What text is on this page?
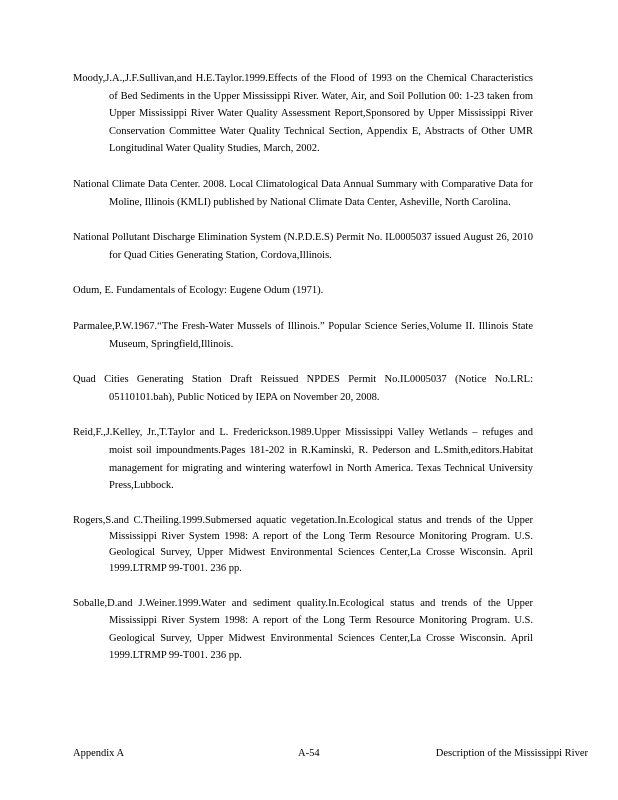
Moody,J.A.,J.F.Sullivan,and H.E.Taylor.1999.Effects of the Flood of 1993 on the Chemical Characteristics of Bed Sediments in the Upper Mississippi River. Water, Air, and Soil Pollution 00: 1-23 taken from Upper Mississippi River Water Quality Assessment Report,Sponsored by Upper Mississippi River Conservation Committee Water Quality Technical Section, Appendix E, Abstracts of Other UMR Longitudinal Water Quality Studies, March, 2002.

National Climate Data Center. 2008. Local Climatological Data Annual Summary with Comparative Data for Moline, Illinois (KMLI) published by National Climate Data Center, Asheville, North Carolina.

National Pollutant Discharge Elimination System (N.P.D.E.S) Permit No. IL0005037 issued August 26, 2010 for Quad Cities Generating Station, Cordova,Illinois.

Odum, E. Fundamentals of Ecology: Eugene Odum (1971).

Parmalee,P.W.1967.“The Fresh-Water Mussels of Illinois.” Popular Science Series,Volume II. Illinois State Museum, Springfield,Illinois.

Quad Cities Generating Station Draft Reissued NPDES Permit No.IL0005037 (Notice No.LRL: 05110101.bah), Public Noticed by IEPA on November 20, 2008.

Reid,F.,J.Kelley, Jr.,T.Taylor and L. Frederickson.1989.Upper Mississippi Valley Wetlands – refuges and moist soil impoundments.Pages 181-202 in R.Kaminski, R. Pederson and L.Smith,editors.Habitat management for migrating and wintering waterfowl in North America. Texas Technical University Press,Lubbock.

Rogers,S.and C.Theiling.1999.Submersed aquatic vegetation.In.Ecological status and trends of the Upper Mississippi River System 1998: A report of the Long Term Resource Monitoring Program. U.S. Geological Survey, Upper Midwest Environmental Sciences Center,La Crosse Wisconsin. April 1999.LTRMP 99-T001. 236 pp.

Soballe,D.and J.Weiner.1999.Water and sediment quality.In.Ecological status and trends of the Upper Mississippi River System 1998: A report of the Long Term Resource Monitoring Program. U.S. Geological Survey, Upper Midwest Environmental Sciences Center,La Crosse Wisconsin. April 1999.LTRMP 99-T001. 236 pp.

Appendix A	A-54	Description of the Mississippi River
